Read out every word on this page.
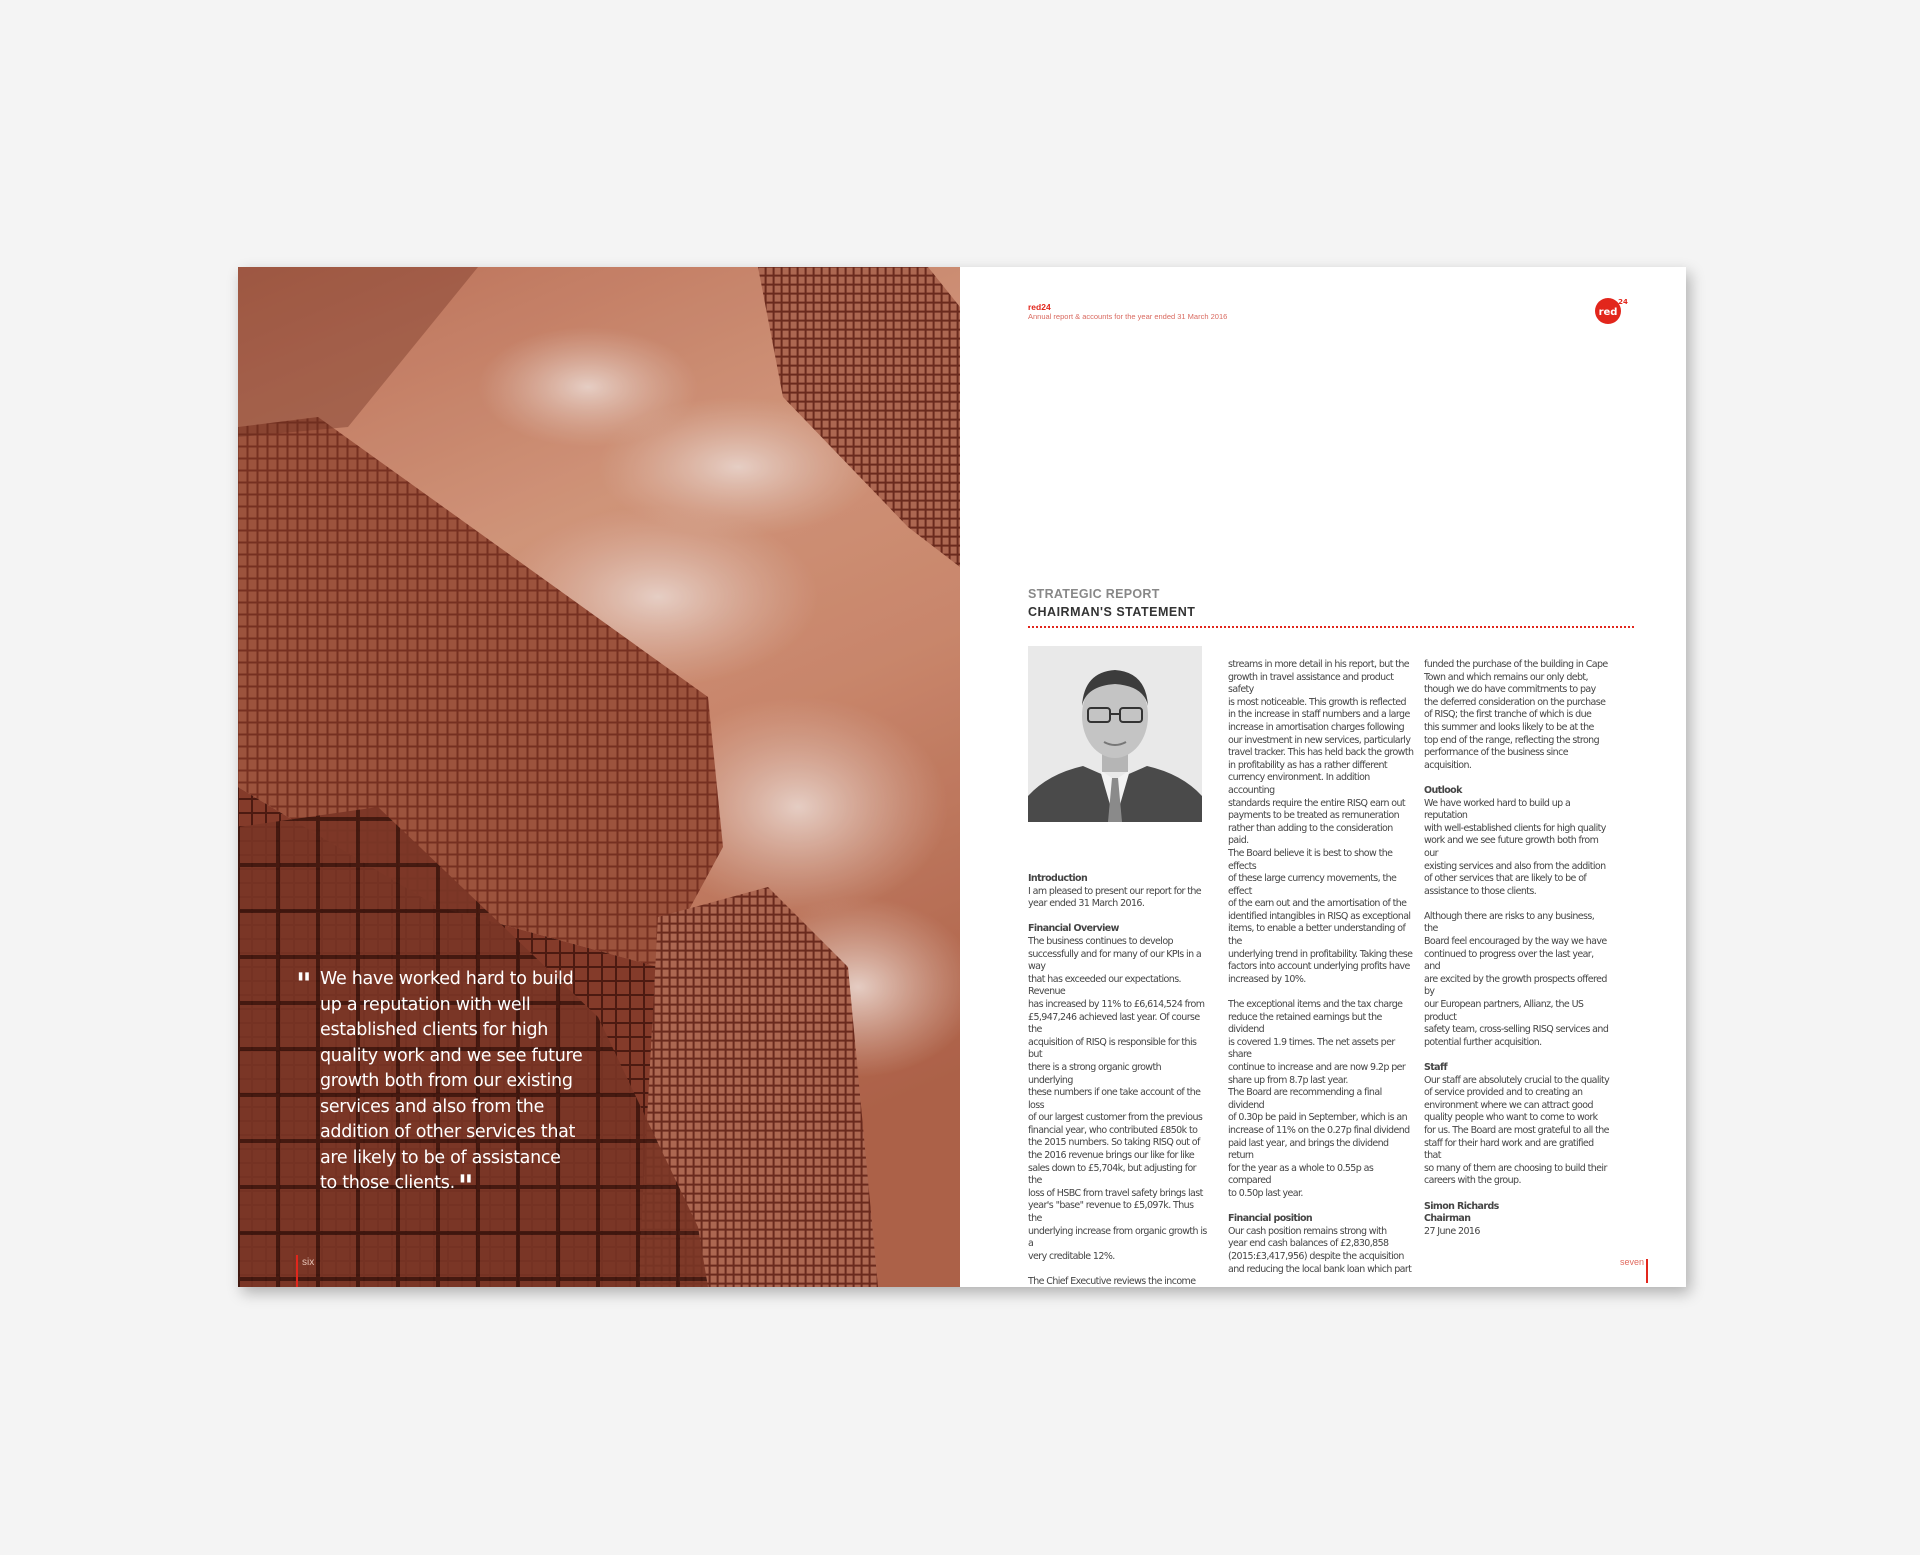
We have worked hard to build

up a reputation with well

established clients for high

quality work and we see future

growth both from our existing

services and also from the

addition of other services that

are likely to be of assistance

to those clients. "

six
red24
Annual report & accounts for the year ended 31 March 2016	red
24
STRATEGIC REPORT
CHAIRMAN'S STATEMENT

Introduction

I am pleased to present our report for the

year ended 31 March 2016.

Financial Overview

The business continues to develop

successfully and for many of our KPIs in a way

that has exceeded our expectations. Revenue

has increased by 11% to £6,614,524 from

£5,947,246 achieved last year. Of course the

acquisition of RISQ is responsible for this but

there is a strong organic growth underlying

these numbers if one take account of the loss

of our largest customer from the previous

financial year, who contributed £850k to

the 2015 numbers. So taking RISQ out of

the 2016 revenue brings our like for like

sales down to £5,704k, but adjusting for the

loss of HSBC from travel safety brings last

year's "base" revenue to £5,097k. Thus the

underlying increase from organic growth is a

very creditable 12%.

The Chief Executive reviews the income

streams in more detail in his report, but the

growth in travel assistance and product safety

is most noticeable. This growth is reflected

in the increase in staff numbers and a large

increase in amortisation charges following

our investment in new services, particularly

travel tracker. This has held back the growth

in profitability as has a rather different

currency environment. In addition accounting

standards require the entire RISQ earn out

payments to be treated as remuneration

rather than adding to the consideration paid.

The Board believe it is best to show the effects

of these large currency movements, the effect

of the earn out and the amortisation of the

identified intangibles in RISQ as exceptional

items, to enable a better understanding of the

underlying trend in profitability. Taking these

factors into account underlying profits have

increased by 10%.

The exceptional items and the tax charge

reduce the retained earnings but the dividend

is covered 1.9 times. The net assets per share

continue to increase and are now 9.2p per

share up from 8.7p last year.

The Board are recommending a final dividend

of 0.30p be paid in September, which is an

increase of 11% on the 0.27p final dividend

paid last year, and brings the dividend return

for the year as a whole to 0.55p as compared

to 0.50p last year.

Financial position

Our cash position remains strong with

year end cash balances of £2,830,858

(2015:£3,417,956) despite the acquisition

and reducing the local bank loan which part

funded the purchase of the building in Cape

Town and which remains our only debt,

though we do have commitments to pay

the deferred consideration on the purchase

of RISQ; the first tranche of which is due

this summer and looks likely to be at the

top end of the range, reflecting the strong

performance of the business since acquisition.

Outlook

We have worked hard to build up a reputation

with well-established clients for high quality

work and we see future growth both from our

existing services and also from the addition

of other services that are likely to be of

assistance to those clients.

Although there are risks to any business, the

Board feel encouraged by the way we have

continued to progress over the last year, and

are excited by the growth prospects offered by

our European partners, Allianz, the US product

safety team, cross-selling RISQ services and

potential further acquisition.

Staff

Our staff are absolutely crucial to the quality

of service provided and to creating an

environment where we can attract good

quality people who want to come to work

for us. The Board are most grateful to all the

staff for their hard work and are gratified that

so many of them are choosing to build their

careers with the group.

Simon Richards

Chairman

27 June 2016

seven
